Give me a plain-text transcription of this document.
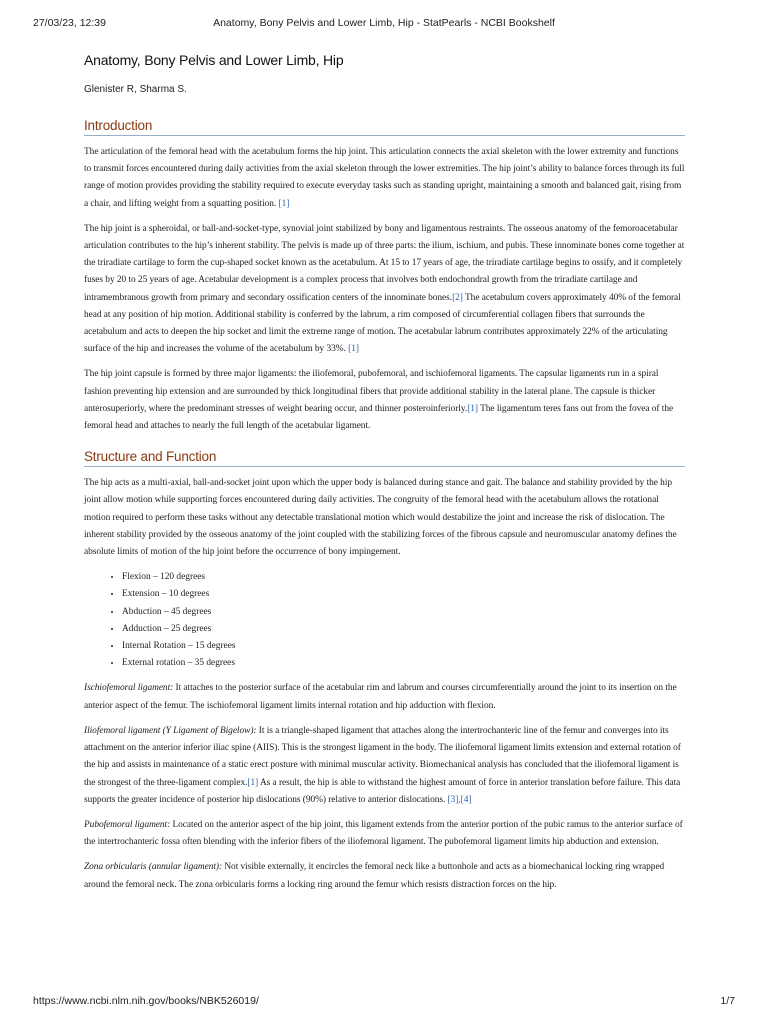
27/03/23, 12:39	Anatomy, Bony Pelvis and Lower Limb, Hip - StatPearls - NCBI Bookshelf
Anatomy, Bony Pelvis and Lower Limb, Hip
Glenister R, Sharma S.
Introduction

The articulation of the femoral head with the acetabulum forms the hip joint. This articulation connects the axial skeleton with the lower extremity and functions to transmit forces encountered during daily activities from the axial skeleton through the lower extremities. The hip joint’s ability to balance forces through its full range of motion provides providing the stability required to execute everyday tasks such as standing upright, maintaining a smooth and balanced gait, rising from a chair, and lifting weight from a squatting position. [1]

The hip joint is a spheroidal, or ball-and-socket-type, synovial joint stabilized by bony and ligamentous restraints. The osseous anatomy of the femoroacetabular articulation contributes to the hip’s inherent stability. The pelvis is made up of three parts: the ilium, ischium, and pubis. These innominate bones come together at the triradiate cartilage to form the cup-shaped socket known as the acetabulum. At 15 to 17 years of age, the triradiate cartilage begins to ossify, and it completely fuses by 20 to 25 years of age. Acetabular development is a complex process that involves both endochondral growth from the triradiate cartilage and intramembranous growth from primary and secondary ossification centers of the innominate bones.[2] The acetabulum covers approximately 40% of the femoral head at any position of hip motion. Additional stability is conferred by the labrum, a rim composed of circumferential collagen fibers that surrounds the acetabulum and acts to deepen the hip socket and limit the extreme range of motion. The acetabular labrum contributes approximately 22% of the articulating surface of the hip and increases the volume of the acetabulum by 33%. [1]

The hip joint capsule is formed by three major ligaments: the iliofemoral, pubofemoral, and ischiofemoral ligaments. The capsular ligaments run in a spiral fashion preventing hip extension and are surrounded by thick longitudinal fibers that provide additional stability in the lateral plane. The capsule is thicker anterosuperiorly, where the predominant stresses of weight bearing occur, and thinner posteroinferiorly.[1] The ligamentum teres fans out from the fovea of the femoral head and attaches to nearly the full length of the acetabular ligament.

Structure and Function

The hip acts as a multi-axial, ball-and-socket joint upon which the upper body is balanced during stance and gait. The balance and stability provided by the hip joint allow motion while supporting forces encountered during daily activities. The congruity of the femoral head with the acetabulum allows the rotational motion required to perform these tasks without any detectable translational motion which would destabilize the joint and increase the risk of dislocation. The inherent stability provided by the osseous anatomy of the joint coupled with the stabilizing forces of the fibrous capsule and neuromuscular anatomy defines the absolute limits of motion of the hip joint before the occurrence of bony impingement.

• Flexion – 120 degrees
• Extension – 10 degrees
• Abduction – 45 degrees
• Adduction – 25 degrees
• Internal Rotation – 15 degrees
• External rotation – 35 degrees

Ischiofemoral ligament: It attaches to the posterior surface of the acetabular rim and labrum and courses circumferentially around the joint to its insertion on the anterior aspect of the femur. The ischiofemoral ligament limits internal rotation and hip adduction with flexion.

Iliofemoral ligament (Y Ligament of Bigelow): It is a triangle-shaped ligament that attaches along the intertrochanteric line of the femur and converges into its attachment on the anterior inferior iliac spine (AIIS). This is the strongest ligament in the body. The iliofemoral ligament limits extension and external rotation of the hip and assists in maintenance of a static erect posture with minimal muscular activity. Biomechanical analysis has concluded that the iliofemoral ligament is the strongest of the three-ligament complex.[1] As a result, the hip is able to withstand the highest amount of force in anterior translation before failure. This data supports the greater incidence of posterior hip dislocations (90%) relative to anterior dislocations. [3],[4]

Pubofemoral ligament: Located on the anterior aspect of the hip joint, this ligament extends from the anterior portion of the pubic ramus to the anterior surface of the intertrochanteric fossa often blending with the inferior fibers of the iliofemoral ligament. The pubofemoral ligament limits hip abduction and extension.

Zona orbicularis (annular ligament): Not visible externally, it encircles the femoral neck like a buttonhole and acts as a biomechanical locking ring wrapped around the femoral neck. The zona orbicularis forms a locking ring around the femur which resists distraction forces on the hip.

https://www.ncbi.nlm.nih.gov/books/NBK526019/	1/7
